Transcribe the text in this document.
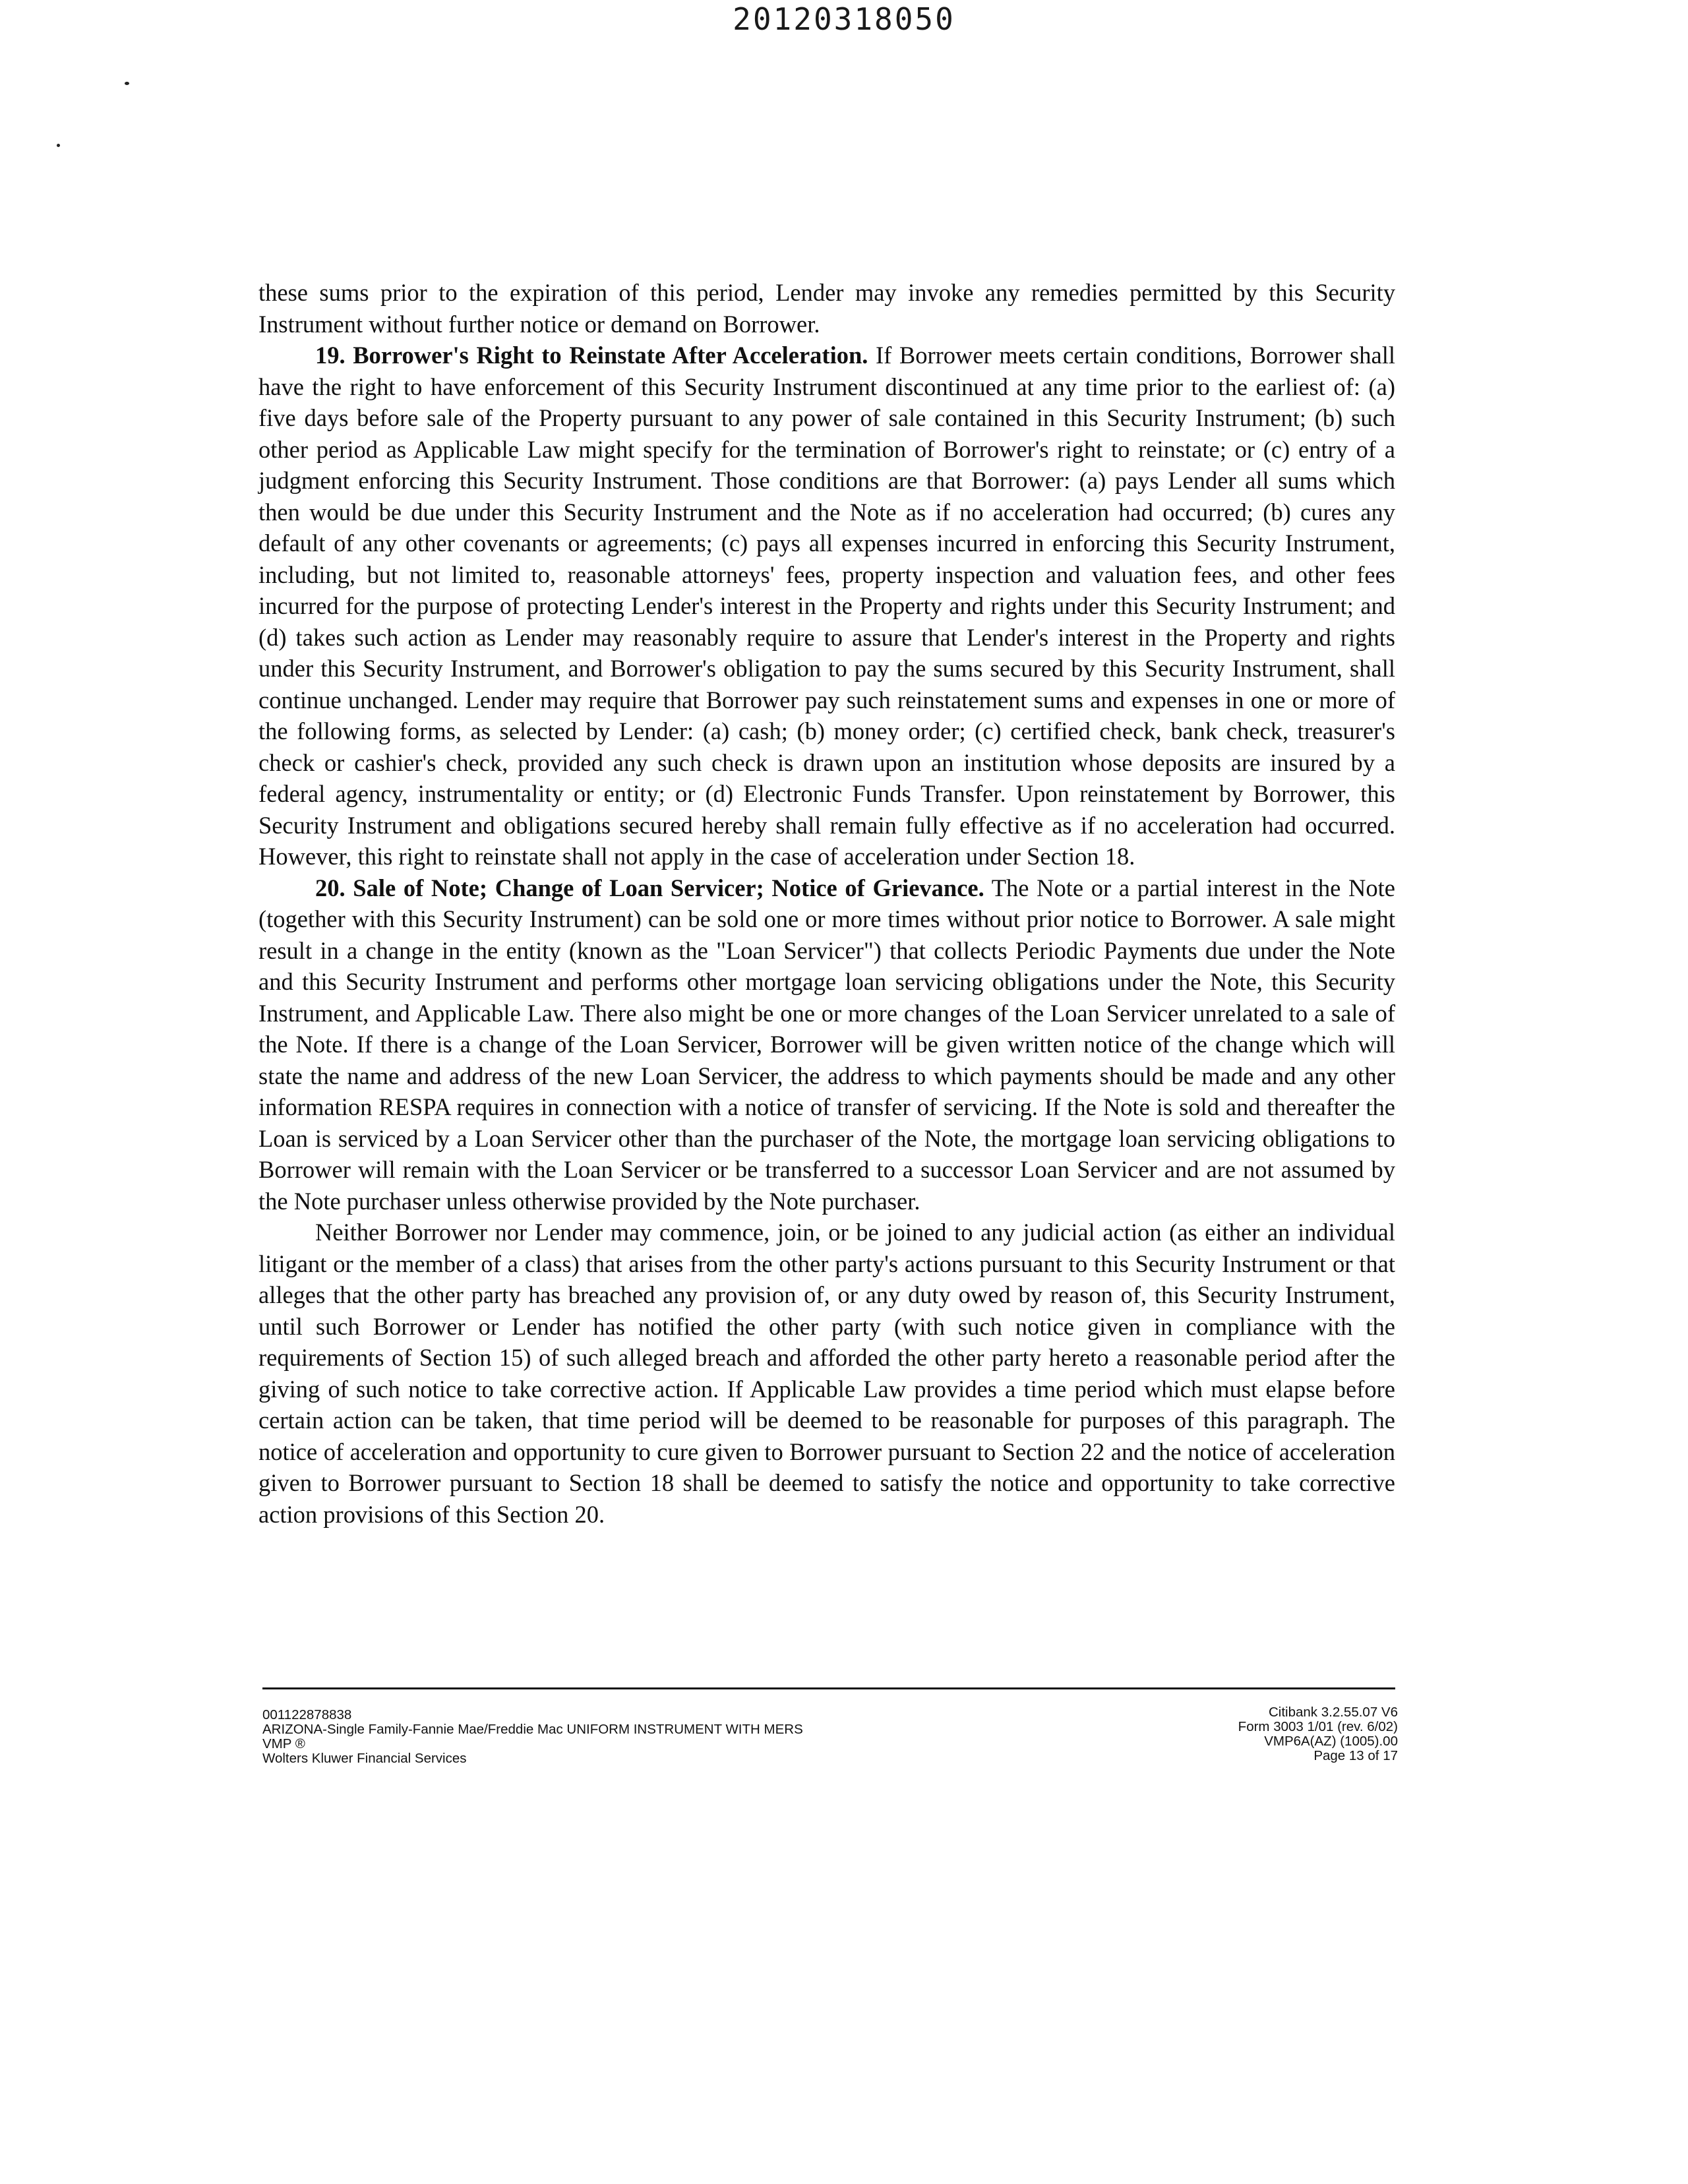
20120318050

these sums prior to the expiration of this period, Lender may invoke any remedies permitted by this Security Instrument without further notice or demand on Borrower.

19. Borrower's Right to Reinstate After Acceleration. If Borrower meets certain conditions, Borrower shall have the right to have enforcement of this Security Instrument discontinued at any time prior to the earliest of: (a) five days before sale of the Property pursuant to any power of sale contained in this Security Instrument; (b) such other period as Applicable Law might specify for the termination of Borrower's right to reinstate; or (c) entry of a judgment enforcing this Security Instrument. Those conditions are that Borrower: (a) pays Lender all sums which then would be due under this Security Instrument and the Note as if no acceleration had occurred; (b) cures any default of any other covenants or agreements; (c) pays all expenses incurred in enforcing this Security Instrument, including, but not limited to, reasonable attorneys' fees, property inspection and valuation fees, and other fees incurred for the purpose of protecting Lender's interest in the Property and rights under this Security Instrument; and (d) takes such action as Lender may reasonably require to assure that Lender's interest in the Property and rights under this Security Instrument, and Borrower's obligation to pay the sums secured by this Security Instrument, shall continue unchanged. Lender may require that Borrower pay such reinstatement sums and expenses in one or more of the following forms, as selected by Lender: (a) cash; (b) money order; (c) certified check, bank check, treasurer's check or cashier's check, provided any such check is drawn upon an institution whose deposits are insured by a federal agency, instrumentality or entity; or (d) Electronic Funds Transfer. Upon reinstatement by Borrower, this Security Instrument and obligations secured hereby shall remain fully effective as if no acceleration had occurred. However, this right to reinstate shall not apply in the case of acceleration under Section 18.

20. Sale of Note; Change of Loan Servicer; Notice of Grievance. The Note or a partial interest in the Note (together with this Security Instrument) can be sold one or more times without prior notice to Borrower. A sale might result in a change in the entity (known as the "Loan Servicer") that collects Periodic Payments due under the Note and this Security Instrument and performs other mortgage loan servicing obligations under the Note, this Security Instrument, and Applicable Law. There also might be one or more changes of the Loan Servicer unrelated to a sale of the Note. If there is a change of the Loan Servicer, Borrower will be given written notice of the change which will state the name and address of the new Loan Servicer, the address to which payments should be made and any other information RESPA requires in connection with a notice of transfer of servicing. If the Note is sold and thereafter the Loan is serviced by a Loan Servicer other than the purchaser of the Note, the mortgage loan servicing obligations to Borrower will remain with the Loan Servicer or be transferred to a successor Loan Servicer and are not assumed by the Note purchaser unless otherwise provided by the Note purchaser.

Neither Borrower nor Lender may commence, join, or be joined to any judicial action (as either an individual litigant or the member of a class) that arises from the other party's actions pursuant to this Security Instrument or that alleges that the other party has breached any provision of, or any duty owed by reason of, this Security Instrument, until such Borrower or Lender has notified the other party (with such notice given in compliance with the requirements of Section 15) of such alleged breach and afforded the other party hereto a reasonable period after the giving of such notice to take corrective action. If Applicable Law provides a time period which must elapse before certain action can be taken, that time period will be deemed to be reasonable for purposes of this paragraph. The notice of acceleration and opportunity to cure given to Borrower pursuant to Section 22 and the notice of acceleration given to Borrower pursuant to Section 18 shall be deemed to satisfy the notice and opportunity to take corrective action provisions of this Section 20.

001122878838
ARIZONA-Single Family-Fannie Mae/Freddie Mac UNIFORM INSTRUMENT WITH MERS
VMP ®
Wolters Kluwer Financial Services
Citibank 3.2.55.07 V6
Form 3003 1/01 (rev. 6/02)
VMP6A(AZ) (1005).00
Page 13 of 17
